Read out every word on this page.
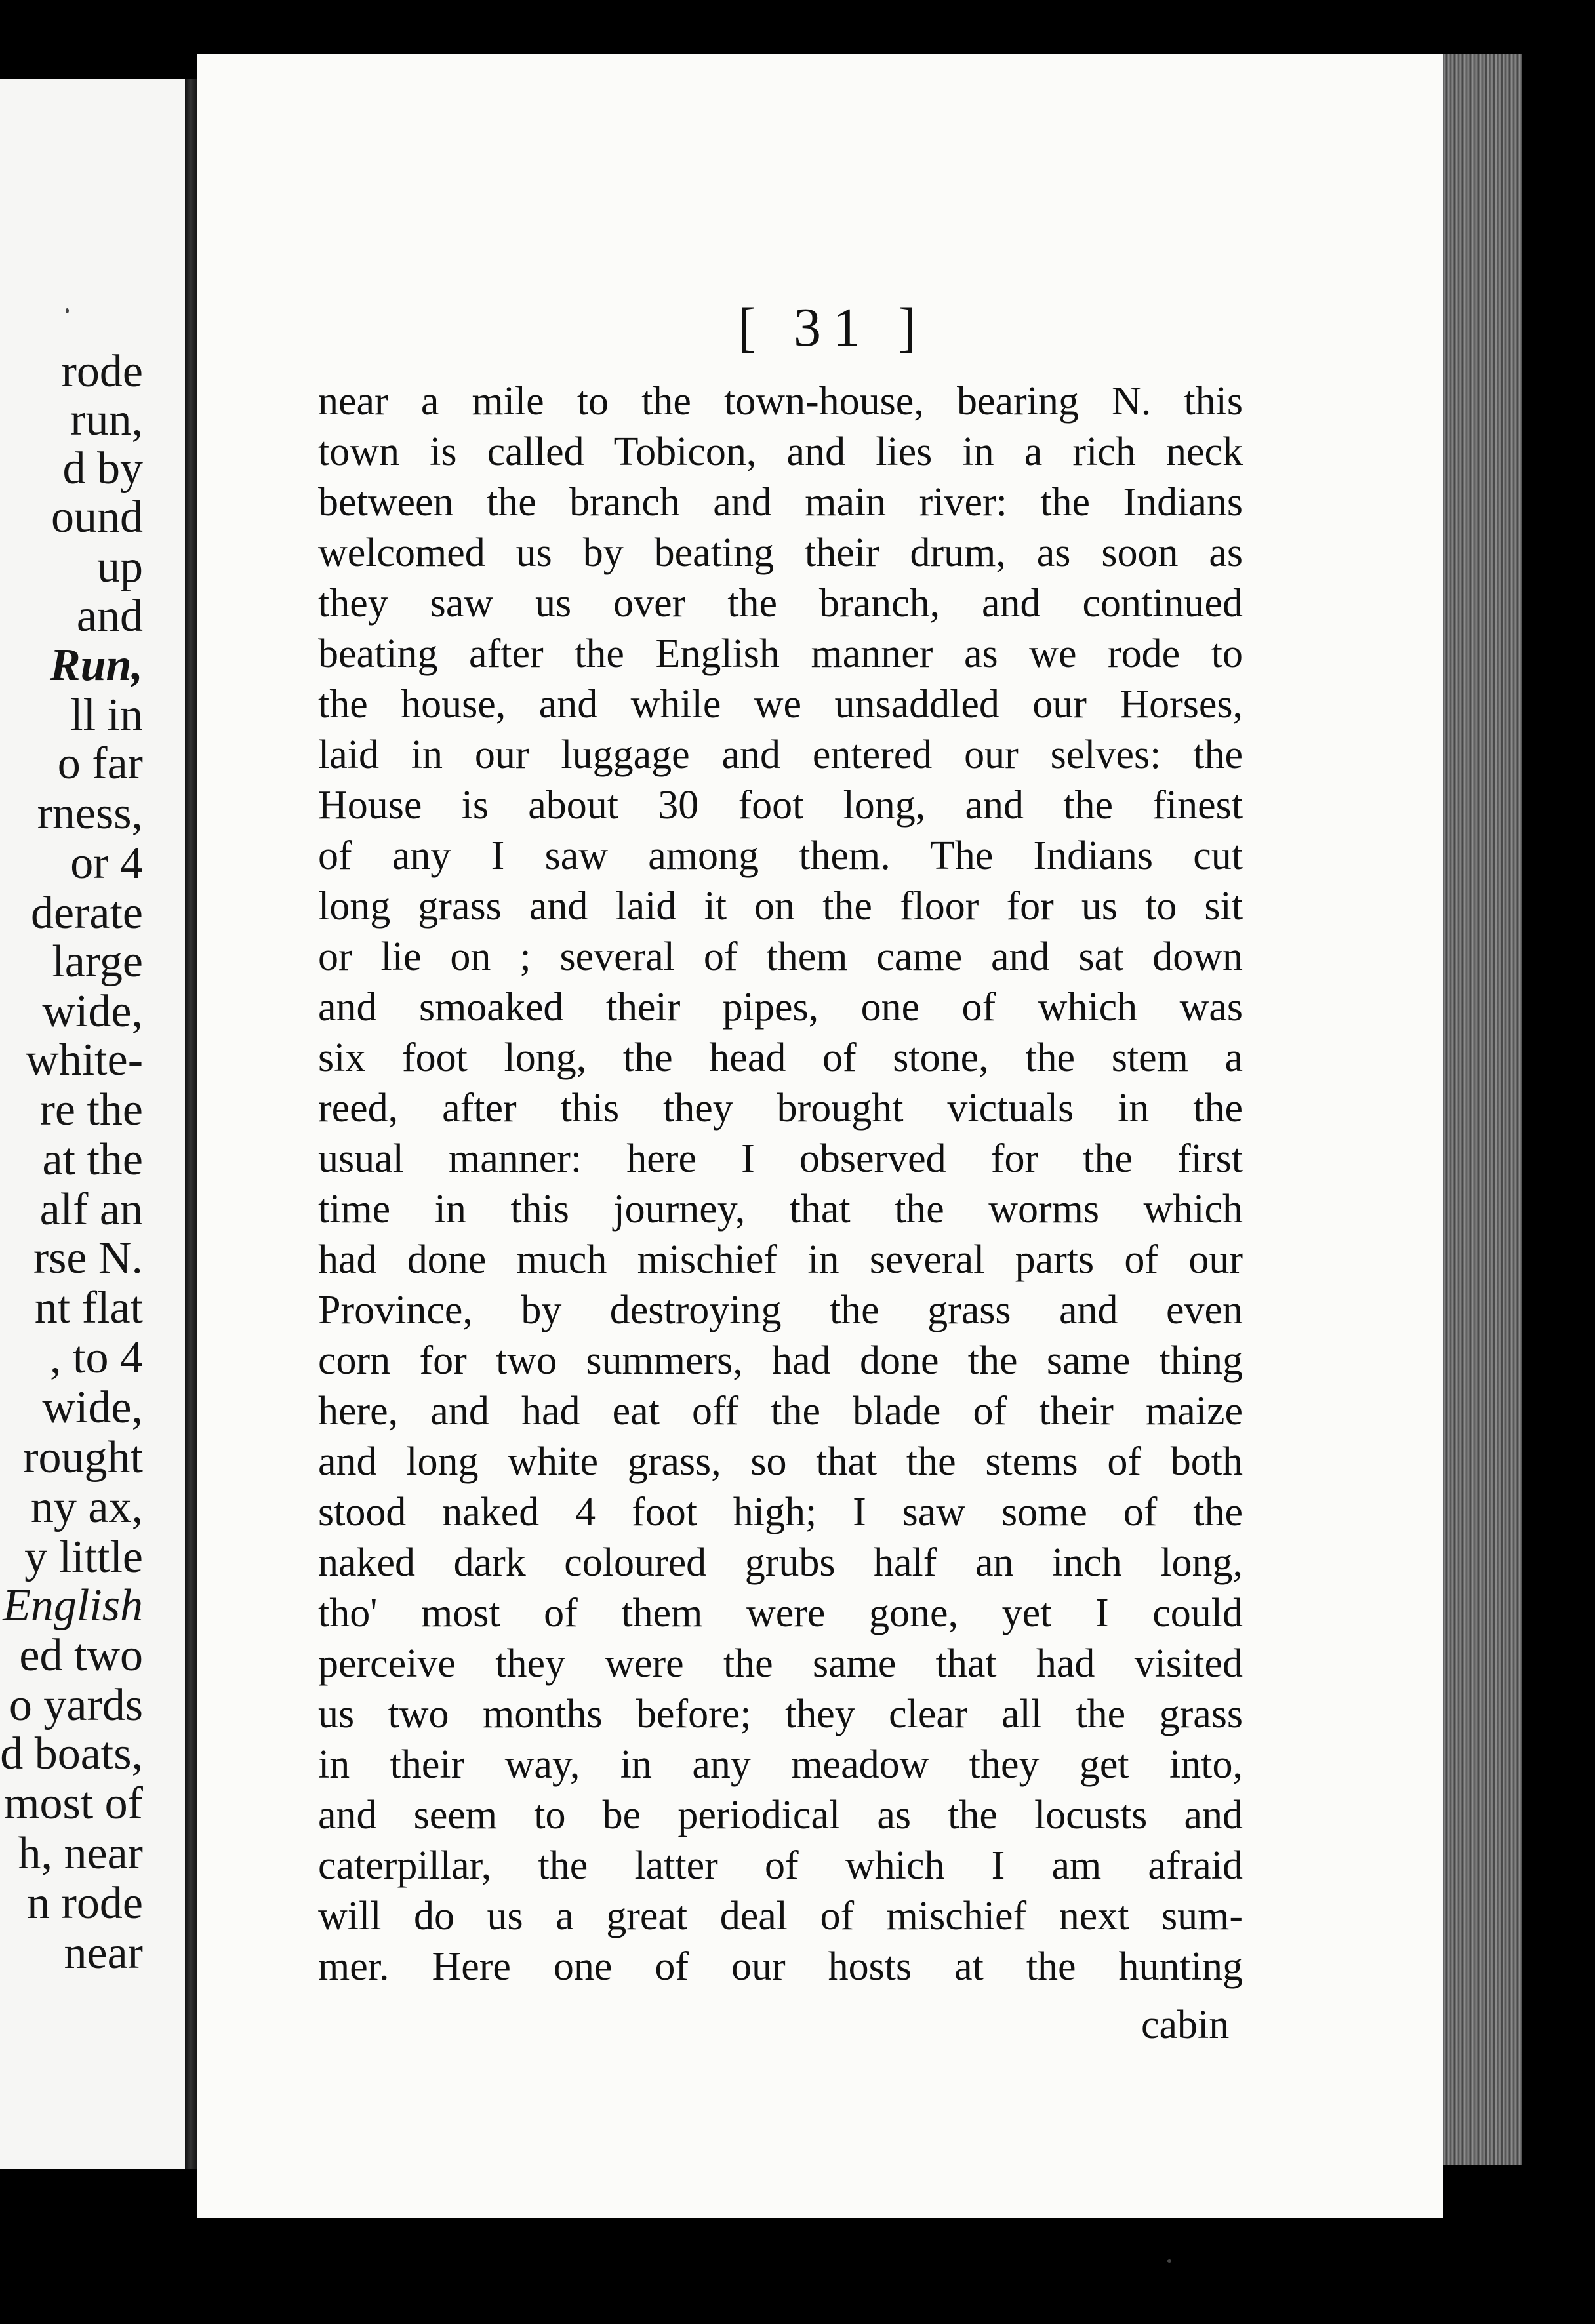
rode
run,
d by
ound
up
and
Run,
ll in
o far
rness,
or 4
derate
large
wide,
white-
re the
at the
alf an
rse N.
nt flat
, to 4
wide,
rought
ny ax,
y little
English
ed two
o yards
d boats,
most of
h, near
n rode
near
[ 31 ]
near a mile to the town-house, bearing N. this
town is called Tobicon, and lies in a rich neck
between the branch and main river: the Indians
welcomed us by beating their drum, as soon as
they saw us over the branch, and continued
beating after the English manner as we rode to
the house, and while we unsaddled our Horses,
laid in our luggage and entered our selves: the
House is about 30 foot long, and the finest
of any I saw among them. The Indians cut
long grass and laid it on the floor for us to sit
or lie on ; several of them came and sat down
and smoaked their pipes, one of which was
six foot long, the head of stone, the stem a
reed, after this they brought victuals in the
usual manner: here I observed for the first
time in this journey, that the worms which
had done much mischief in several parts of our
Province, by destroying the grass and even
corn for two summers, had done the same thing
here, and had eat off the blade of their maize
and long white grass, so that the stems of both
stood naked 4 foot high; I saw some of the
naked dark coloured grubs half an inch long,
tho' most of them were gone, yet I could
perceive they were the same that had visited
us two months before; they clear all the grass
in their way, in any meadow they get into,
and seem to be periodical as the locusts and
caterpillar, the latter of which I am afraid
will do us a great deal of mischief next sum-
mer. Here one of our hosts at the hunting
cabin
